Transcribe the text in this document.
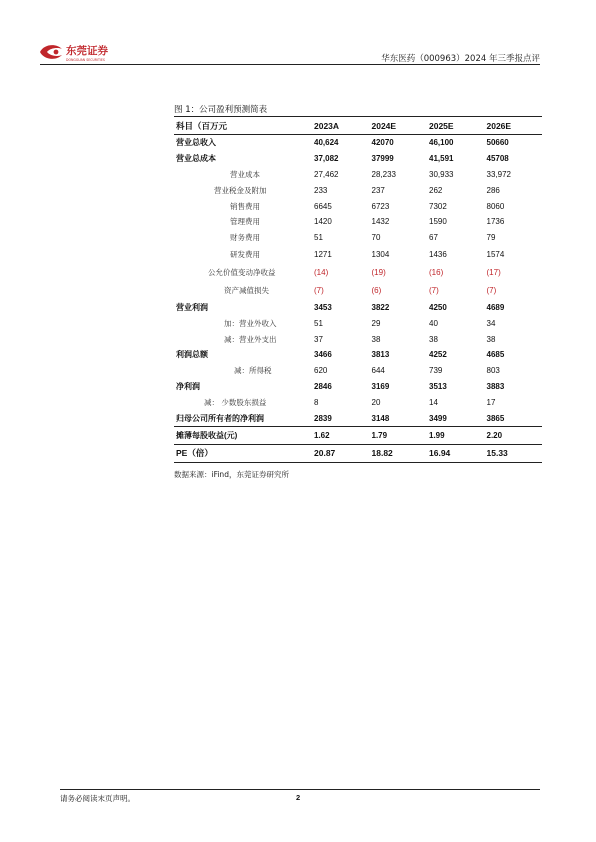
东莞证券
DONGGUAN SECURITIES	华东医药（000963）2024 年三季报点评
图 1：公司盈利预测简表
科目（百万元	2023A	2024E	2025E	2026E
营业总收入	40,624	42070	46,100	50660
营业总成本	37,082	37999	41,591	45708
营业成本	27,462	28,233	30,933	33,972
营业税金及附加	233	237	262	286
销售费用	6645	6723	7302	8060
管理费用	1420	1432	1590	1736
财务费用	51	70	67	79
研发费用	1271	1304	1436	1574
公允价值变动净收益	(14)	(19)	(16)	(17)
资产减值损失	(7)	(6)	(7)	(7)
营业利润	3453	3822	4250	4689
加：营业外收入	51	29	40	34
减：营业外支出	37	38	38	38
利润总额	3466	3813	4252	4685
减：所得税	620	644	739	803
净利润	2846	3169	3513	3883
减： 少数股东损益	8	20	14	17
归母公司所有者的净利润	2839	3148	3499	3865
摊薄每股收益(元)	1.62	1.79	1.99	2.20
PE（倍）	20.87	18.82	16.94	15.33
数据来源：iFind，东莞证券研究所
请务必阅读末页声明。	2
